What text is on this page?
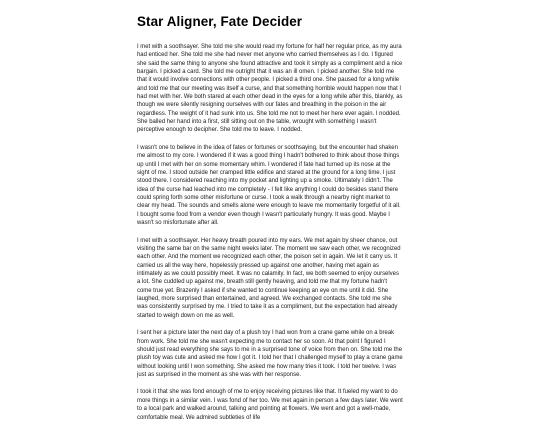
Star Aligner, Fate Decider

I met with a soothsayer. She told me she would read my fortune for half her regular price, as my aura had enticed her. She told me she had never met anyone who carried themselves as I do. I figured she said the same thing to anyone she found attractive and took it simply as a compliment and a nice bargain. I picked a card. She told me outright that it was an ill omen. I picked another. She told me that it would involve connections with other people. I picked a third one. She paused for a long while and told me that our meeting was itself a curse, and that something horrible would happen now that I had met with her. We both stared at each other dead in the eyes for a long while after this, blankly, as though we were silently resigning ourselves with our fates and breathing in the poison in the air regardless. The weight of it had sunk into us. She told me not to meet her here ever again. I nodded. She balled her hand into a first, still sitting out on the table, wrought with something I wasn't perceptive enough to decipher. She told me to leave. I nodded.

I wasn't one to believe in the idea of fates or fortunes or soothsaying, but the encounter had shaken me almost to my core. I wondered if it was a good thing I hadn't bothered to think about those things up until I met with her on some momentary whim. I wondered if fate had turned up its nose at the sight of me. I stood outside her cramped little edifice and stared at the ground for a long time. I just stood there. I considered reaching into my pocket and lighting up a smoke. Ultimately I didn't. The idea of the curse had leached into me completely - I felt like anything I could do besides stand there could spring forth some other misfortune or curse. I took a walk through a nearby night market to clear my head. The sounds and smells alone were enough to leave me momentarily forgetful of it all. I bought some food from a vendor even though I wasn't particularly hungry. It was good. Maybe I wasn't so misfortunate after all.

I met with a soothsayer. Her heavy breath poured into my ears. We met again by sheer chance, out visiting the same bar on the same night weeks later. The moment we saw each other, we recognized each other. And the moment we recognized each other, the poison set in again. We let it carry us. It carried us all the way here, hopelessly pressed up against one another, having met again as intimately as we could possibly meet. It was no calamity. In fact, we both seemed to enjoy ourselves a lot. She cuddled up against me, breath still gently heaving, and told me that my fortune hadn't come true yet. Brazenly I asked if she wanted to continue keeping an eye on me until it did. She laughed, more surprised than entertained, and agreed. We exchanged contacts. She told me she was consistently surprised by me. I tried to take it as a compliment, but the expectation had already started to weigh down on me as well.

I sent her a picture later the next day of a plush toy I had won from a crane game while on a break from work. She told me she wasn't expecting me to contact her so soon. At that point I figured I should just read everything she says to me in a surprised tone of voice from then on. She told me the plush toy was cute and asked me how I got it. I told her that I challenged myself to play a crane game without looking until I won something. She asked me how many tries it took. I told her twelve. I was just as surprised in the moment as she was with her response.

I took it that she was fond enough of me to enjoy receiving pictures like that. It fueled my want to do more things in a similar vein. I was fond of her too. We met again in person a few days later. We went to a local park and walked around, talking and pointing at flowers. We went and got a well-made, comfortable meal. We admired subtleties of life
